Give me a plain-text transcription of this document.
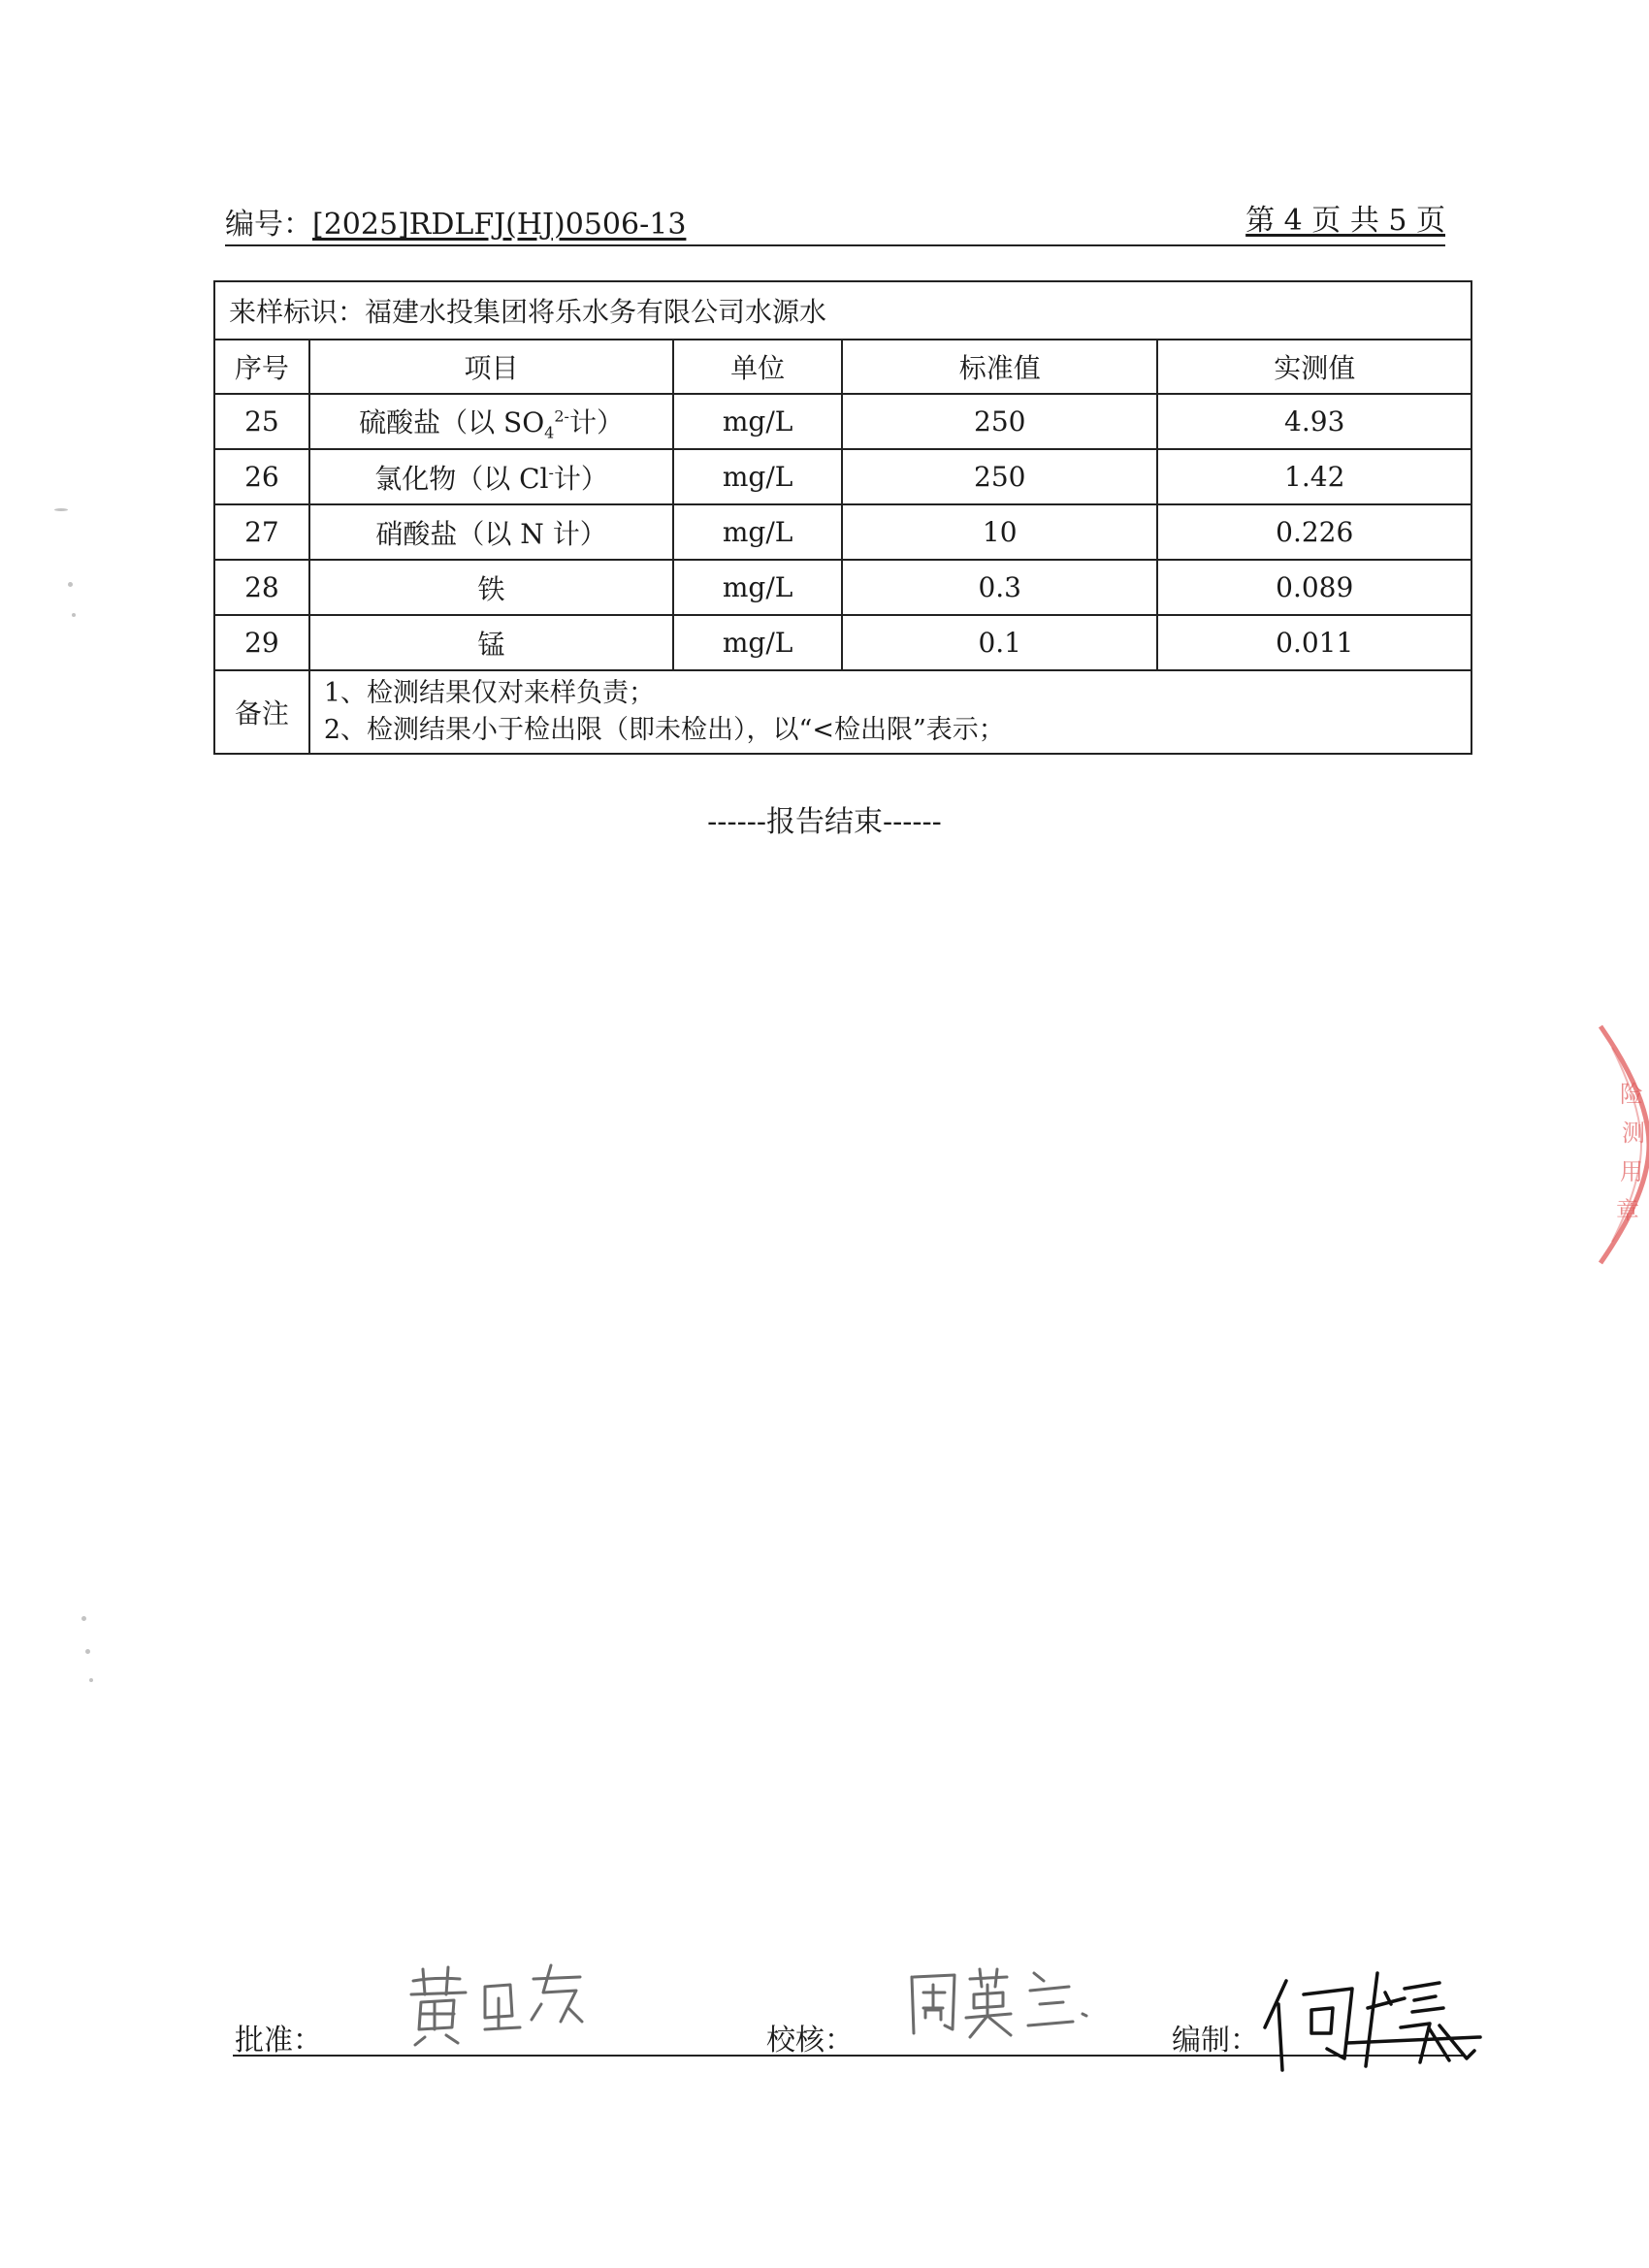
编号：[2025]RDLFJ(HJ)0506-13	第 4 页 共 5 页
来样标识：福建水投集团将乐水务有限公司水源水				
序号	项目	单位	标准值	实测值
25	硫酸盐（以 $SO_4^{2-}$计）	mg/L	250	4.93
26	氯化物（以 Cl-计）	mg/L	250	1.42
27	硝酸盐（以 N 计）	mg/L	10	0.226
28	铁	mg/L	0.3	0.089
29	锰	mg/L	0.1	0.011
备注	1、检测结果仅对来样负责；
2、检测结果小于检出限（即未检出），以“<检出限”表示；			
------报告结束------
批准：	校核：	编制：
险
测
用
章
